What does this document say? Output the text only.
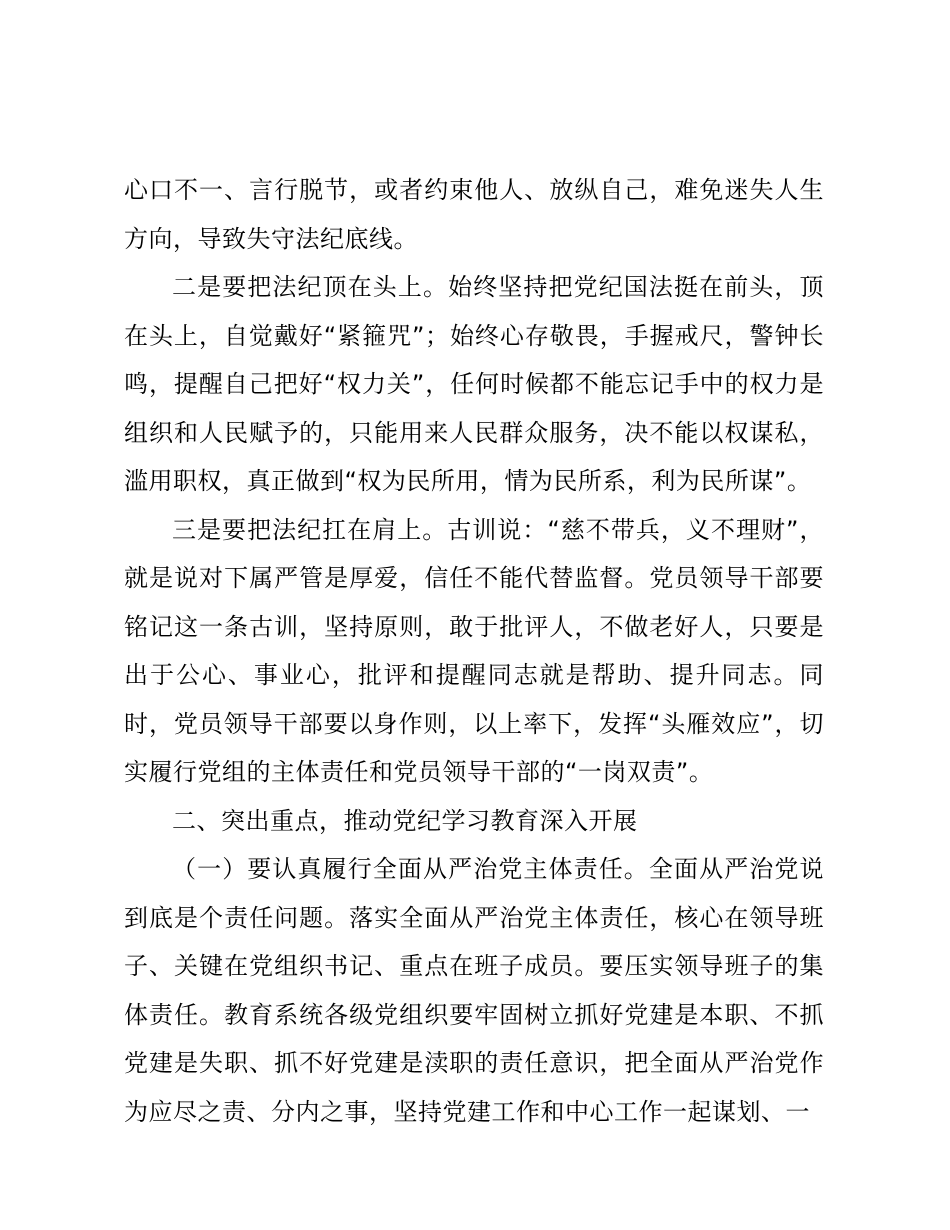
心口不一、言行脱节，或者约束他人、放纵自己，难免迷失人生方向，导致失守法纪底线。

二是要把法纪顶在头上。始终坚持把党纪国法挺在前头，顶在头上，自觉戴好“紧箍咒”；始终心存敬畏，手握戒尺，警钟长鸣，提醒自己把好“权力关”，任何时候都不能忘记手中的权力是组织和人民赋予的，只能用来人民群众服务，决不能以权谋私，滥用职权，真正做到“权为民所用，情为民所系，利为民所谋”。

三是要把法纪扛在肩上。古训说：“慈不带兵，义不理财”，就是说对下属严管是厚爱，信任不能代替监督。党员领导干部要铭记这一条古训，坚持原则，敢于批评人，不做老好人，只要是出于公心、事业心，批评和提醒同志就是帮助、提升同志。同时，党员领导干部要以身作则，以上率下，发挥“头雁效应”，切实履行党组的主体责任和党员领导干部的“一岗双责”。

二、突出重点，推动党纪学习教育深入开展

（一）要认真履行全面从严治党主体责任。全面从严治党说到底是个责任问题。落实全面从严治党主体责任，核心在领导班子、关键在党组织书记、重点在班子成员。要压实领导班子的集体责任。教育系统各级党组织要牢固树立抓好党建是本职、不抓党建是失职、抓不好党建是渎职的责任意识，把全面从严治党作为应尽之责、分内之事，坚持党建工作和中心工作一起谋划、一
